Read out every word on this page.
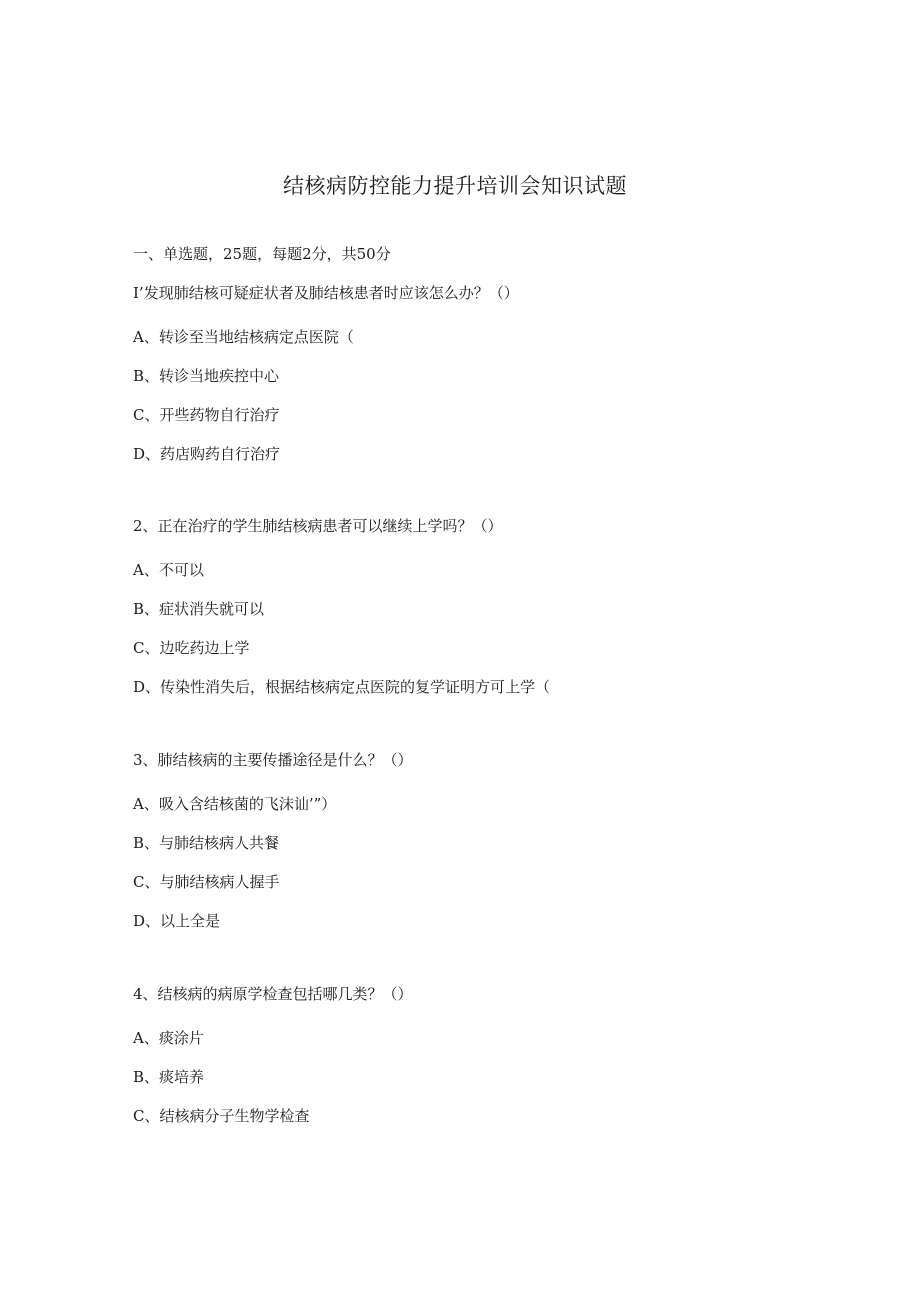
结核病防控能力提升培训会知识试题
一、单选题，25题，每题2分，共50分
I’发现肺结核可疑症状者及肺结核患者时应该怎么办？（）
A、转诊至当地结核病定点医院（
B、转诊当地疾控中心
C、开些药物自行治疗
D、药店购药自行治疗
2、正在治疗的学生肺结核病患者可以继续上学吗？（）
A、不可以
B、症状消失就可以
C、边吃药边上学
D、传染性消失后，根据结核病定点医院的复学证明方可上学（
3、肺结核病的主要传播途径是什么？（）
A、吸入含结核菌的飞沫讪’”）
B、与肺结核病人共餐
C、与肺结核病人握手
D、以上全是
4、结核病的病原学检查包括哪几类？（）
A、痰涂片
B、痰培养
C、结核病分子生物学检查
